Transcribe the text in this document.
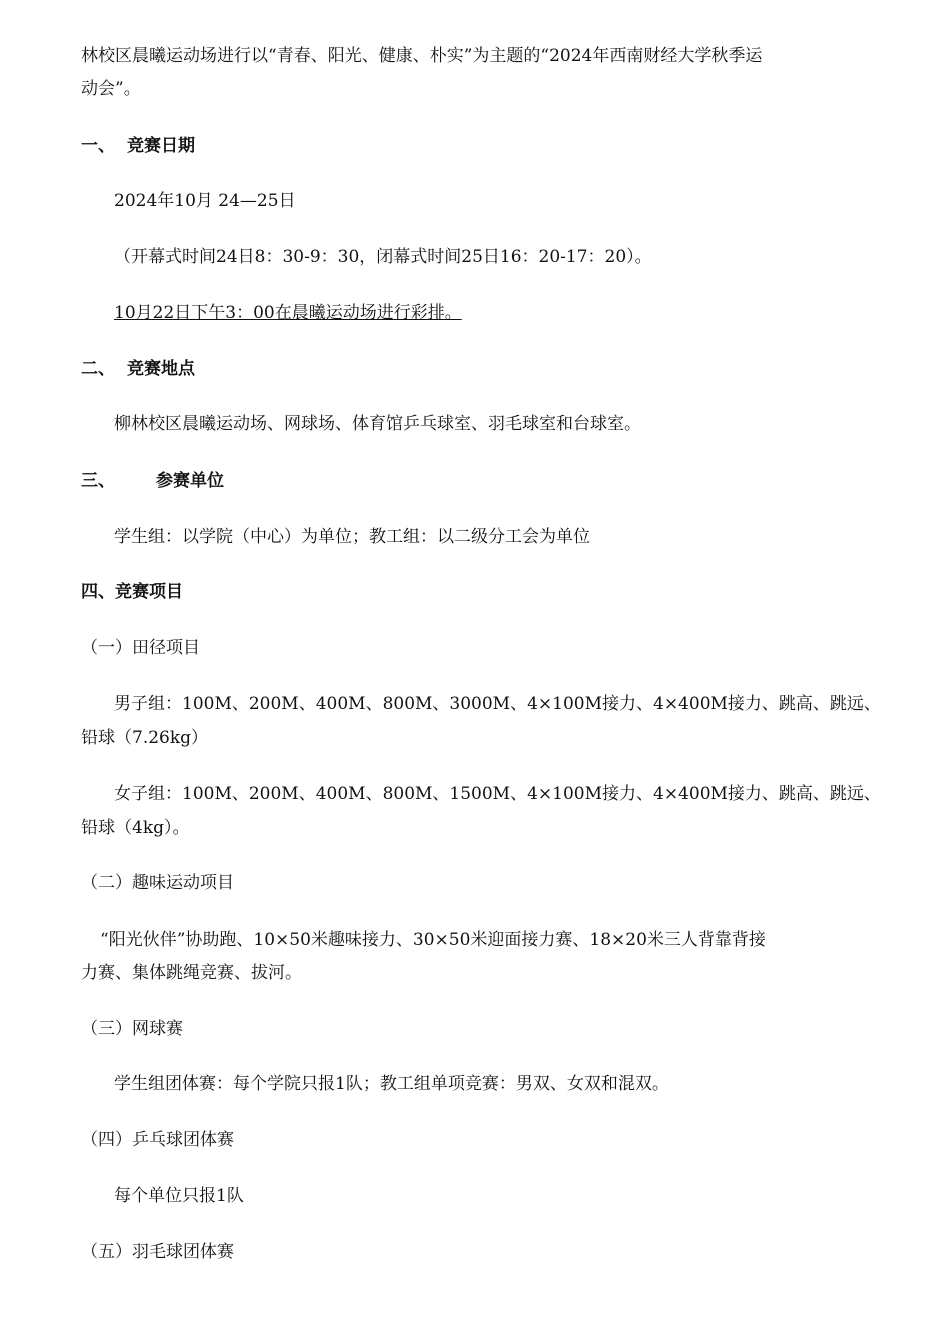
林校区晨曦运动场进行以“青春、阳光、健康、朴实”为主题的“2024年西南财经大学秋季运
动会”。
一、 竞赛日期
2024年10月 24—25日
（开幕式时间24日8：30-9：30，闭幕式时间25日16：20-17：20）。
10月22日下午3：00在晨曦运动场进行彩排。
二、 竞赛地点
柳林校区晨曦运动场、网球场、体育馆乒乓球室、羽毛球室和台球室。
三、 参赛单位
学生组：以学院（中心）为单位；教工组：以二级分工会为单位
四、竞赛项目
（一）田径项目
男子组：100M、200M、400M、800M、3000M、4×100M接力、4×400M接力、跳高、跳远、
铅球（7.26kg）
女子组：100M、200M、400M、800M、1500M、4×100M接力、4×400M接力、跳高、跳远、
铅球（4kg）。
（二）趣味运动项目
“阳光伙伴”协助跑、10×50米趣味接力、30×50米迎面接力赛、18×20米三人背靠背接
力赛、集体跳绳竞赛、拔河。
（三）网球赛
学生组团体赛：每个学院只报1队；教工组单项竞赛：男双、女双和混双。
（四）乒乓球团体赛
每个单位只报1队
（五）羽毛球团体赛
